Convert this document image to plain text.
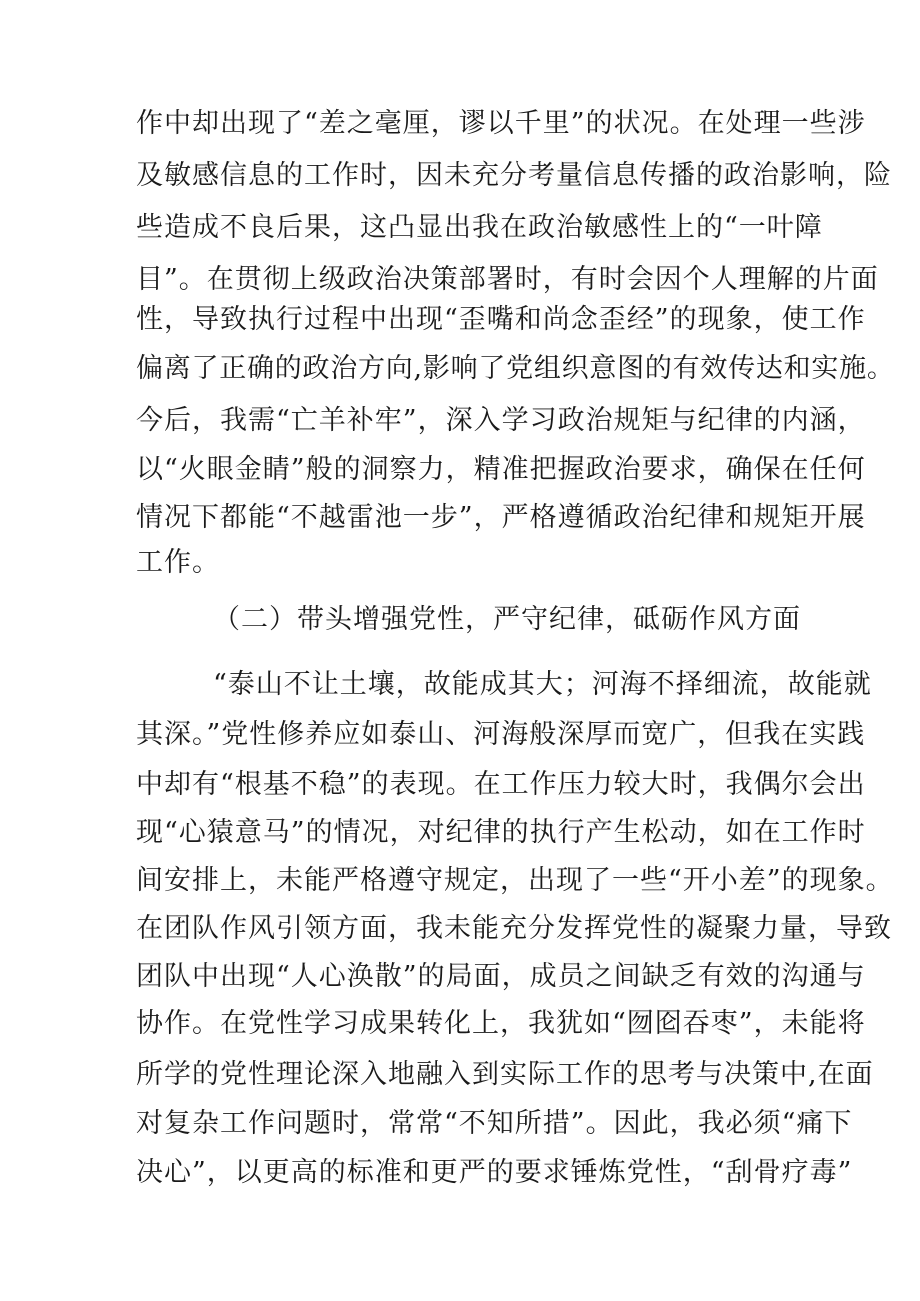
作中却出现了“差之毫厘，谬以千里”的状况。在处理一些涉
及敏感信息的工作时，因未充分考量信息传播的政治影响，险
些造成不良后果，这凸显出我在政治敏感性上的“一叶障
目”。在贯彻上级政治决策部署时，有时会因个人理解的片面
性，导致执行过程中出现“歪嘴和尚念歪经”的现象，使工作
偏离了正确的政治方向,影响了党组织意图的有效传达和实施。
今后，我需“亡羊补牢”，深入学习政治规矩与纪律的内涵，
以“火眼金睛”般的洞察力，精准把握政治要求，确保在任何
情况下都能“不越雷池一步”，严格遵循政治纪律和规矩开展
工作。
（二）带头增强党性，严守纪律，砥砺作风方面
“泰山不让土壤，故能成其大；河海不择细流，故能就
其深。”党性修养应如泰山、河海般深厚而宽广，但我在实践
中却有“根基不稳”的表现。在工作压力较大时，我偶尔会出
现“心猿意马”的情况，对纪律的执行产生松动，如在工作时
间安排上，未能严格遵守规定，出现了一些“开小差”的现象。
在团队作风引领方面，我未能充分发挥党性的凝聚力量，导致
团队中出现“人心涣散”的局面，成员之间缺乏有效的沟通与
协作。在党性学习成果转化上，我犹如“囫囵吞枣”，未能将
所学的党性理论深入地融入到实际工作的思考与决策中,在面
对复杂工作问题时，常常“不知所措”。因此，我必须“痛下
决心”，以更高的标准和更严的要求锤炼党性，“刮骨疗毒”
